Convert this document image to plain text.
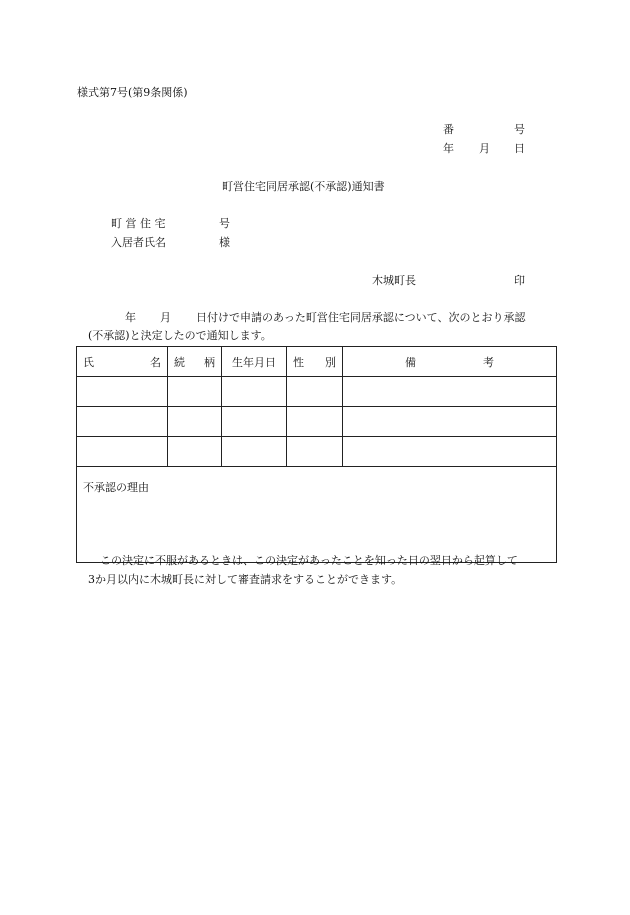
様式第7号(第9条関係)
番	号
年 月 日
町営住宅同居承認(不承認)通知書
町 営 住 宅	号
入居者氏名	様
木城町長	印
年 月 日付けで申請のあった町営住宅同居承認について、次のとおり承認
(不承認)と決定したので通知します。
氏 名	続 柄	生年月日	性 別	備 考

不承認の理由				
この決定に不服があるときは、この決定があったことを知った日の翌日から起算して
3か月以内に木城町長に対して審査請求をすることができます。
